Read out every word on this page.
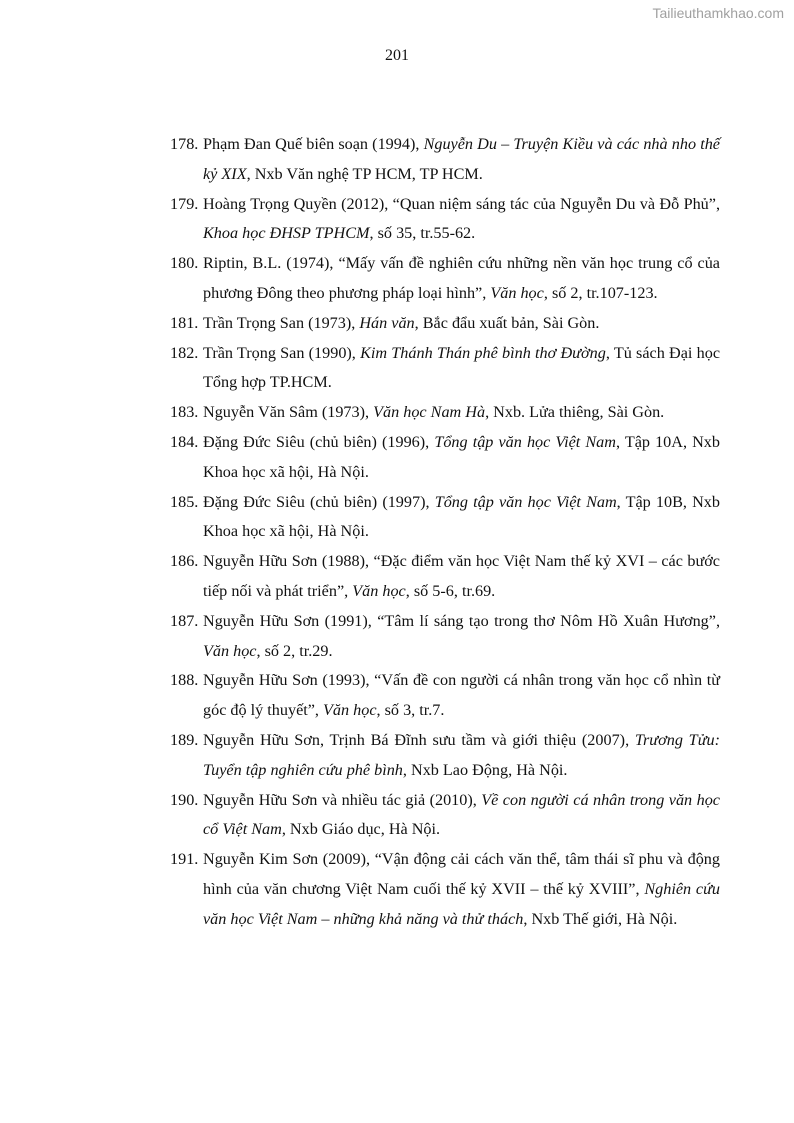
Tailieuthamkhao.com
201
178. Phạm Đan Quế biên soạn (1994), Nguyễn Du – Truyện Kiều và các nhà nho thế kỷ XIX, Nxb Văn nghệ TP HCM, TP HCM.
179. Hoàng Trọng Quyền (2012), “Quan niệm sáng tác của Nguyễn Du và Đỗ Phủ”, Khoa học ĐHSP TPHCM, số 35, tr.55-62.
180. Riptin, B.L. (1974), “Mấy vấn đề nghiên cứu những nền văn học trung cổ của phương Đông theo phương pháp loại hình”, Văn học, số 2, tr.107-123.
181. Trần Trọng San (1973), Hán văn, Bắc đẩu xuất bản, Sài Gòn.
182. Trần Trọng San (1990), Kim Thánh Thán phê bình thơ Đường, Tủ sách Đại học Tổng hợp TP.HCM.
183. Nguyễn Văn Sâm (1973), Văn học Nam Hà, Nxb. Lửa thiêng, Sài Gòn.
184. Đặng Đức Siêu (chủ biên) (1996), Tổng tập văn học Việt Nam, Tập 10A, Nxb Khoa học xã hội, Hà Nội.
185. Đặng Đức Siêu (chủ biên) (1997), Tổng tập văn học Việt Nam, Tập 10B, Nxb Khoa học xã hội, Hà Nội.
186. Nguyễn Hữu Sơn (1988), “Đặc điểm văn học Việt Nam thế kỷ XVI – các bước tiếp nối và phát triển”, Văn học, số 5-6, tr.69.
187. Nguyễn Hữu Sơn (1991), “Tâm lí sáng tạo trong thơ Nôm Hồ Xuân Hương”, Văn học, số 2, tr.29.
188. Nguyễn Hữu Sơn (1993), “Vấn đề con người cá nhân trong văn học cổ nhìn từ góc độ lý thuyết”, Văn học, số 3, tr.7.
189. Nguyễn Hữu Sơn, Trịnh Bá Đĩnh sưu tầm và giới thiệu (2007), Trương Tửu: Tuyển tập nghiên cứu phê bình, Nxb Lao Động, Hà Nội.
190. Nguyễn Hữu Sơn và nhiều tác giả (2010), Về con người cá nhân trong văn học cổ Việt Nam, Nxb Giáo dục, Hà Nội.
191. Nguyễn Kim Sơn (2009), “Vận động cải cách văn thể, tâm thái sĩ phu và động hình của văn chương Việt Nam cuối thế kỷ XVII – thế kỷ XVIII”, Nghiên cứu văn học Việt Nam – những khả năng và thử thách, Nxb Thế giới, Hà Nội.
